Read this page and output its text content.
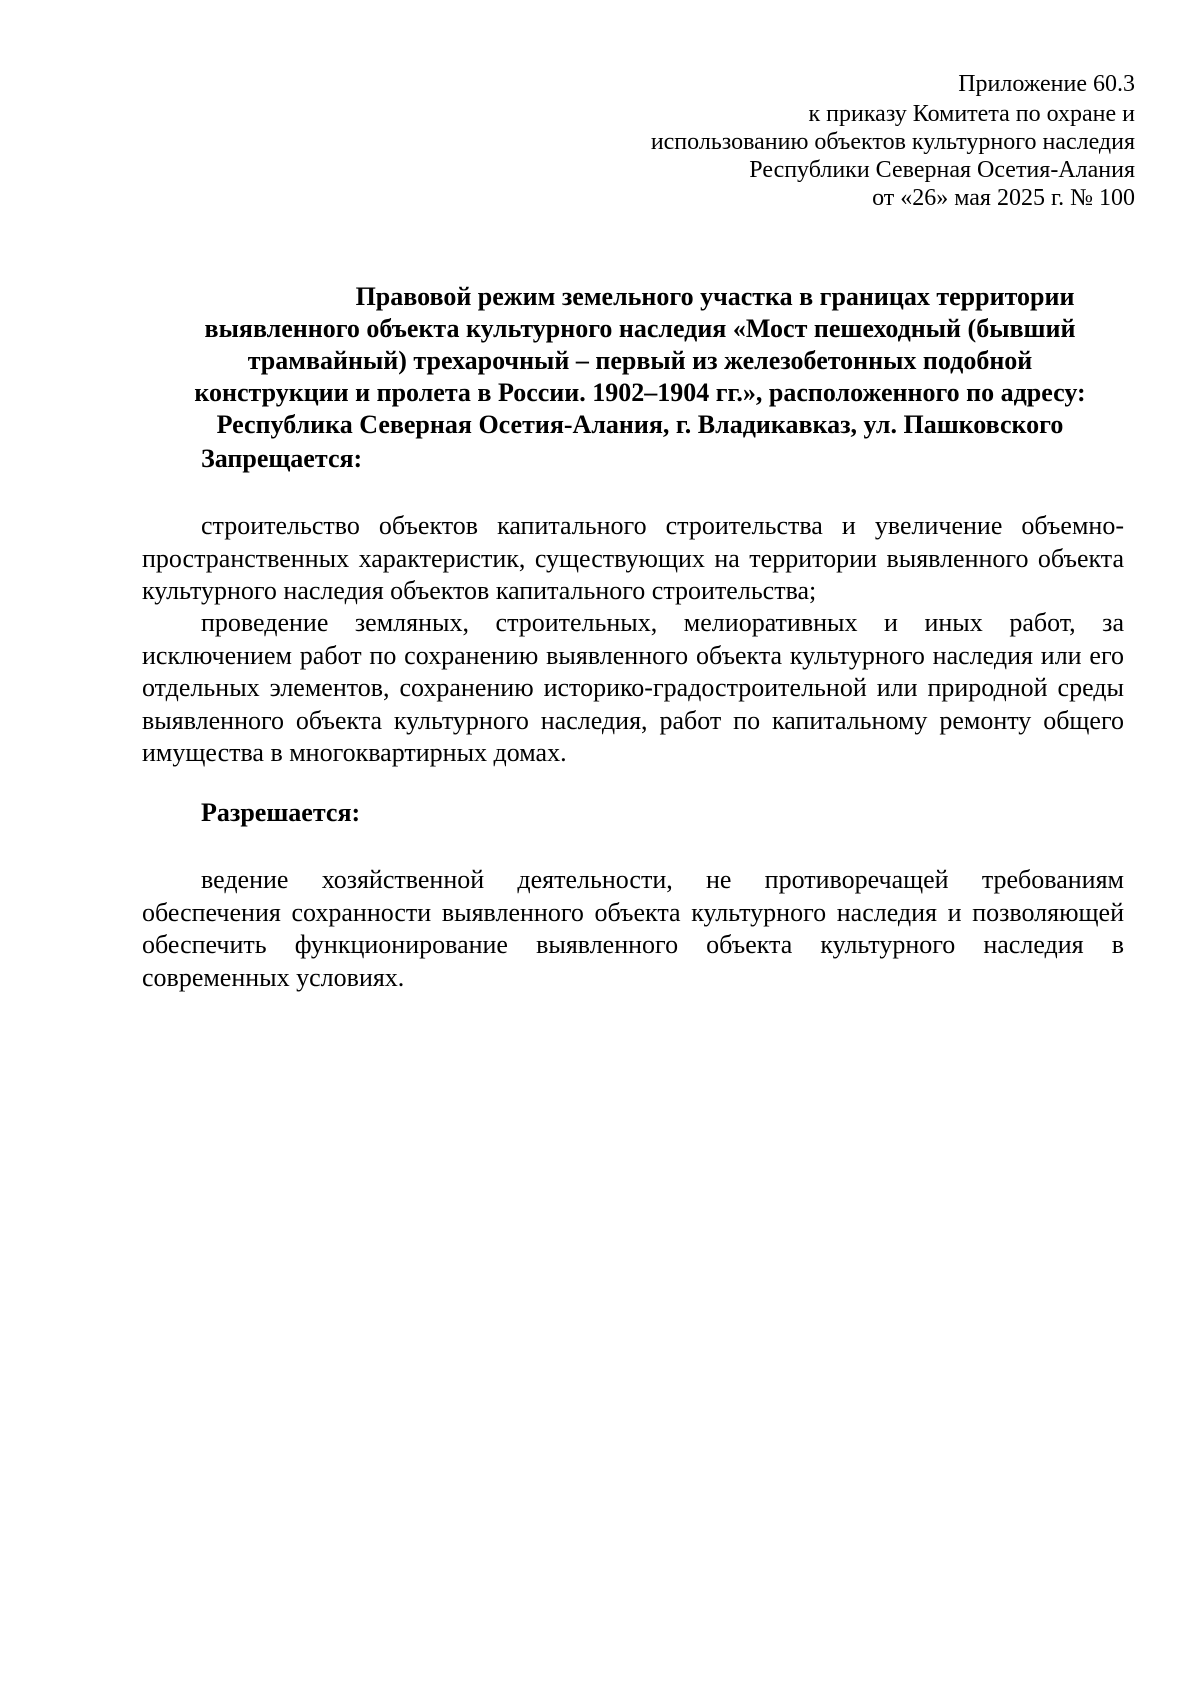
Приложение 60.3
к приказу Комитета по охране и
использованию объектов культурного наследия
Республики Северная Осетия-Алания
от «26» мая 2025 г. № 100
Правовой режим земельного участка в границах территории
выявленного объекта культурного наследия «Мост пешеходный (бывший
трамвайный) трехарочный – первый из железобетонных подобной
конструкции и пролета в России. 1902–1904 гг.», расположенного по адресу:
Республика Северная Осетия-Алания, г. Владикавказ, ул. Пашковского
Запрещается:

строительство объектов капитального строительства и увеличение объемно-пространственных характеристик, существующих на территории выявленного объекта культурного наследия объектов капитального строительства;

проведение земляных, строительных, мелиоративных и иных работ, за исключением работ по сохранению выявленного объекта культурного наследия или его отдельных элементов, сохранению историко-градостроительной или природной среды выявленного объекта культурного наследия, работ по капитальному ремонту общего имущества в многоквартирных домах.

Разрешается:

ведение хозяйственной деятельности, не противоречащей требованиям обеспечения сохранности выявленного объекта культурного наследия и позволяющей обеспечить функционирование выявленного объекта культурного наследия в современных условиях.
